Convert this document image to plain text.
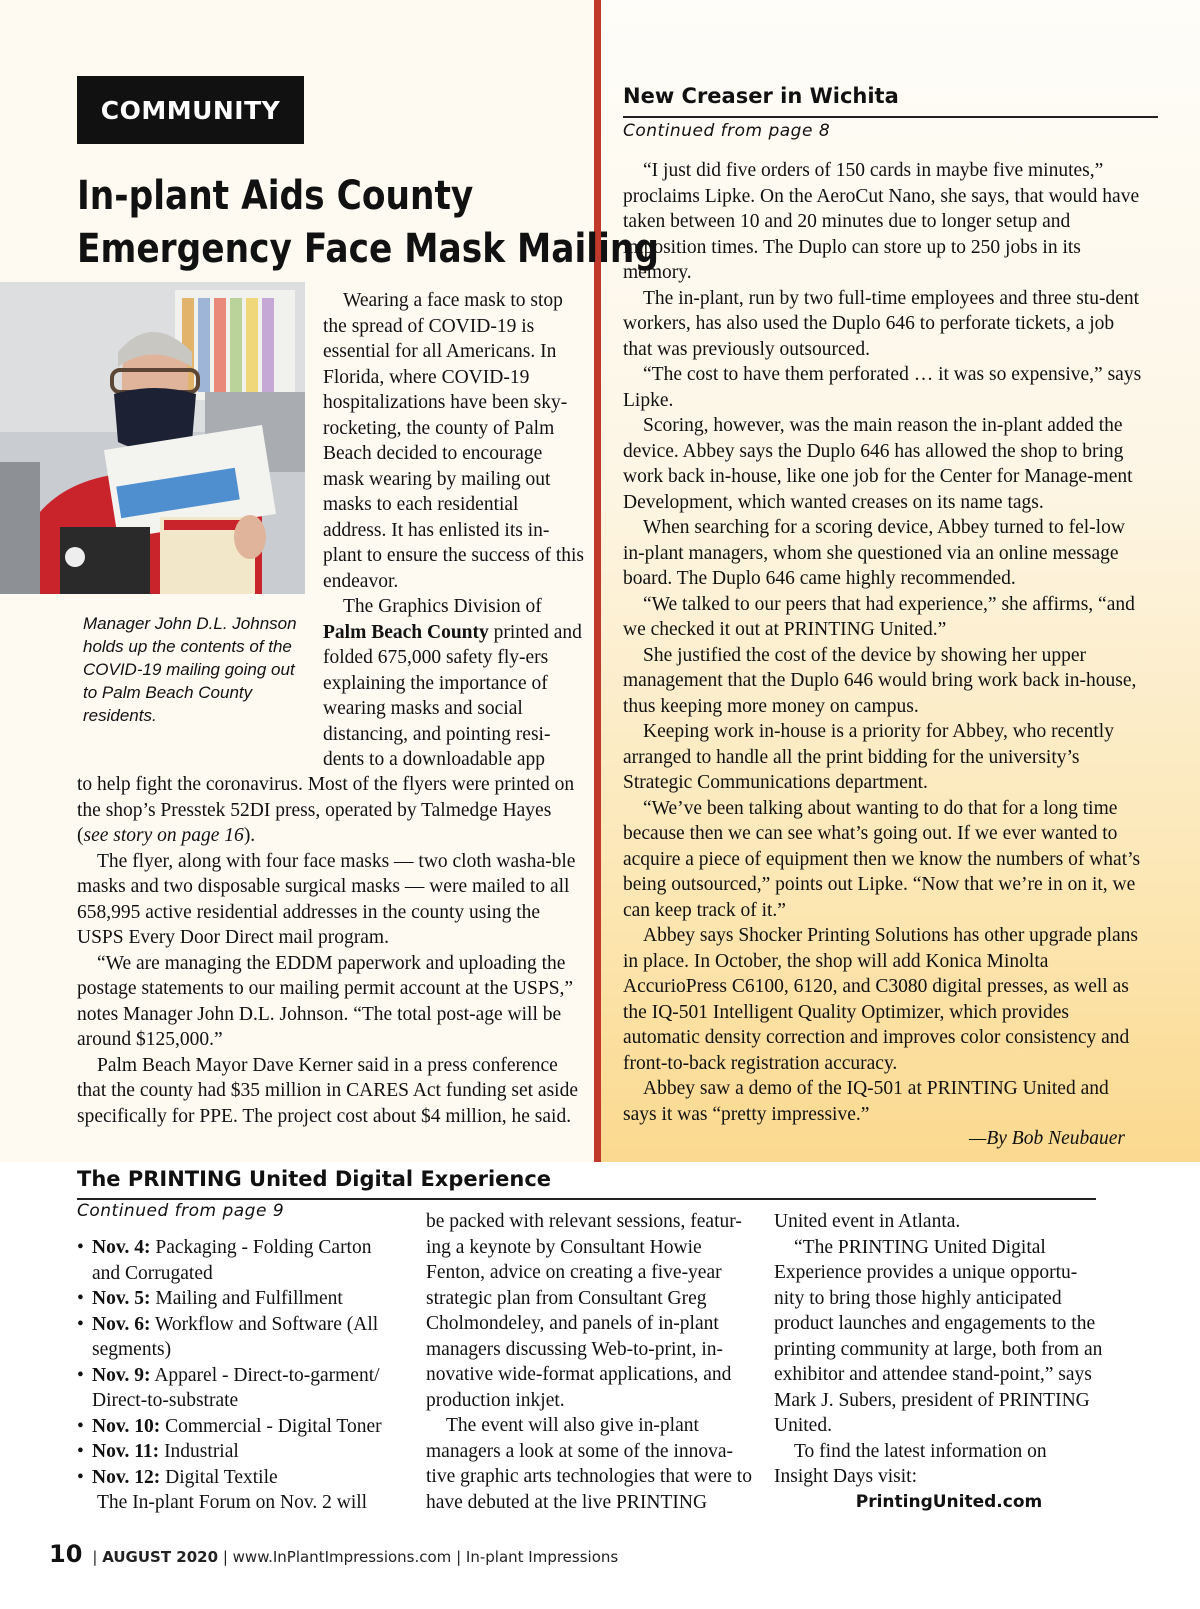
COMMUNITY
In-plant Aids County
Emergency Face Mask Mailing

Manager John D.L. Johnson holds up the contents of the COVID-19 mailing going out to Palm Beach County residents.

Wearing a face mask to stop the spread of COVID-19 is essential for all Americans. In Florida, where COVID-19 hospitalizations have been sky-rocketing, the county of Palm Beach decided to encourage mask wearing by mailing out masks to each residential address. It has enlisted its in-plant to ensure the success of this endeavor.

The Graphics Division of Palm Beach County printed and folded 675,000 safety fly-ers explaining the importance of wearing masks and social distancing, and pointing resi-dents to a downloadable app

to help fight the coronavirus. Most of the flyers were printed on the shop’s Presstek 52DI press, operated by Talmedge Hayes (see story on page 16).

The flyer, along with four face masks — two cloth washa-ble masks and two disposable surgical masks — were mailed to all 658,995 active residential addresses in the county using the USPS Every Door Direct mail program.

“We are managing the EDDM paperwork and uploading the postage statements to our mailing permit account at the USPS,” notes Manager John D.L. Johnson. “The total post-age will be around $125,000.”

Palm Beach Mayor Dave Kerner said in a press conference that the county had $35 million in CARES Act funding set aside specifically for PPE. The project cost about $4 million, he said.

New Creaser in Wichita

Continued from page 8

“I just did five orders of 150 cards in maybe five minutes,” proclaims Lipke. On the AeroCut Nano, she says, that would have taken between 10 and 20 minutes due to longer setup and imposition times. The Duplo can store up to 250 jobs in its memory.

The in-plant, run by two full-time employees and three stu-dent workers, has also used the Duplo 646 to perforate tickets, a job that was previously outsourced.

“The cost to have them perforated … it was so expensive,” says Lipke.

Scoring, however, was the main reason the in-plant added the device. Abbey says the Duplo 646 has allowed the shop to bring work back in-house, like one job for the Center for Manage-ment Development, which wanted creases on its name tags.

When searching for a scoring device, Abbey turned to fel-low in-plant managers, whom she questioned via an online message board. The Duplo 646 came highly recommended.

“We talked to our peers that had experience,” she affirms, “and we checked it out at PRINTING United.”

She justified the cost of the device by showing her upper management that the Duplo 646 would bring work back in-house, thus keeping more money on campus.

Keeping work in-house is a priority for Abbey, who recently arranged to handle all the print bidding for the university’s Strategic Communications department.

“We’ve been talking about wanting to do that for a long time because then we can see what’s going out. If we ever wanted to acquire a piece of equipment then we know the numbers of what’s being outsourced,” points out Lipke. “Now that we’re in on it, we can keep track of it.”

Abbey says Shocker Printing Solutions has other upgrade plans in place. In October, the shop will add Konica Minolta AccurioPress C6100, 6120, and C3080 digital presses, as well as the IQ-501 Intelligent Quality Optimizer, which provides automatic density correction and improves color consistency and front-to-back registration accuracy.

Abbey saw a demo of the IQ-501 at PRINTING United and says it was “pretty impressive.”

—By Bob Neubauer

The PRINTING United Digital Experience

Continued from page 9

• Nov. 4: Packaging - Folding Carton and Corrugated
• Nov. 5: Mailing and Fulfillment
• Nov. 6: Workflow and Software (All segments)
• Nov. 9: Apparel - Direct-to-garment/ Direct-to-substrate
• Nov. 10: Commercial - Digital Toner
• Nov. 11: Industrial
• Nov. 12: Digital Textile

The In-plant Forum on Nov. 2 will

be packed with relevant sessions, featur-ing a keynote by Consultant Howie Fenton, advice on creating a five-year strategic plan from Consultant Greg Cholmondeley, and panels of in-plant managers discussing Web-to-print, in-novative wide-format applications, and production inkjet.

The event will also give in-plant managers a look at some of the innova-tive graphic arts technologies that were to have debuted at the live PRINTING

United event in Atlanta.

“The PRINTING United Digital Experience provides a unique opportu-nity to bring those highly anticipated product launches and engagements to the printing community at large, both from an exhibitor and attendee stand-point,” says Mark J. Subers, president of PRINTING United.

To find the latest information on Insight Days visit:

PrintingUnited.com

10 | AUGUST 2020 | www.InPlantImpressions.com | In-plant Impressions
